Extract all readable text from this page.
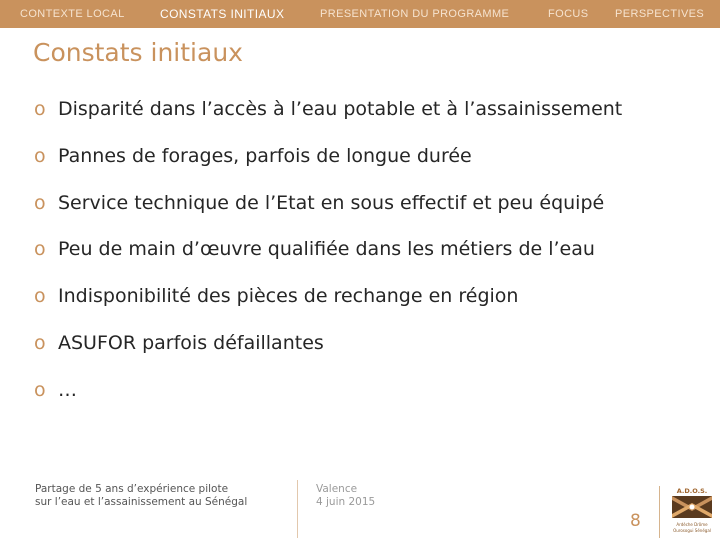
CONTEXTE LOCAL	CONSTATS INITIAUX	PRESENTATION DU PROGRAMME	FOCUS PERSPECTIVES
Constats initiaux
o Disparité dans l’accès à l’eau potable et à l’assainissement
o Pannes de forages, parfois de longue durée
o Service technique de l’Etat en sous effectif et peu équipé
o Peu de main d’œuvre qualifiée dans les métiers de l’eau
o Indisponibilité des pièces de rechange en région
o ASUFOR parfois défaillantes
o …
Partage de 5 ans d’expérience pilote
sur l’eau et l’assainissement au Sénégal
Valence
4 juin 2015
8
A.D.O.S.
Ardèche Drôme
Ourosogui Sénégal
